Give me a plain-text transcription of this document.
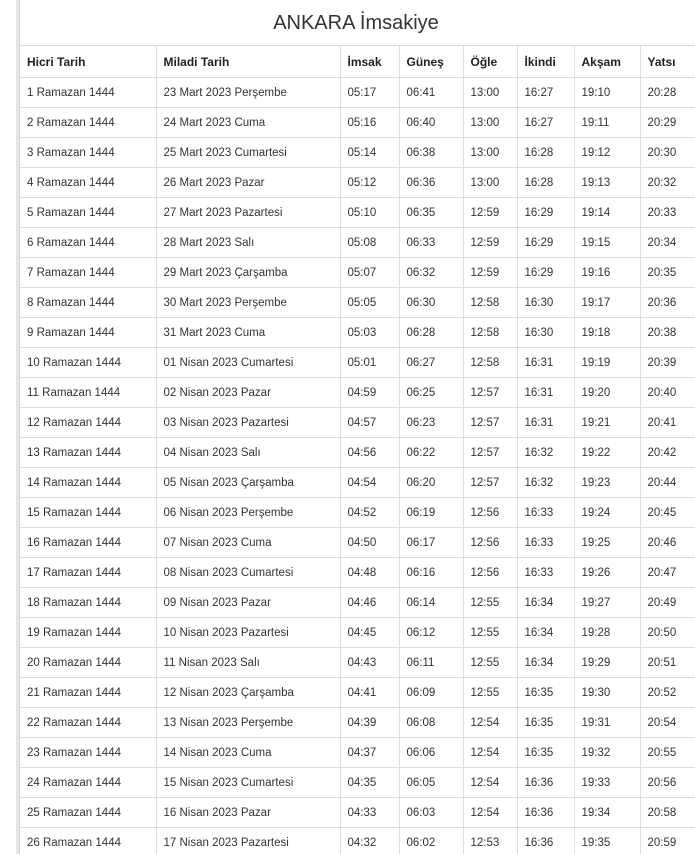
ANKARA İmsakiye
Hicri Tarih	Miladi Tarih	İmsak	Güneş	Öğle	İkindi	Akşam	Yatsı
1 Ramazan 1444	23 Mart 2023 Perşembe	05:17	06:41	13:00	16:27	19:10	20:28
2 Ramazan 1444	24 Mart 2023 Cuma	05:16	06:40	13:00	16:27	19:11	20:29
3 Ramazan 1444	25 Mart 2023 Cumartesi	05:14	06:38	13:00	16:28	19:12	20:30
4 Ramazan 1444	26 Mart 2023 Pazar	05:12	06:36	13:00	16:28	19:13	20:32
5 Ramazan 1444	27 Mart 2023 Pazartesi	05:10	06:35	12:59	16:29	19:14	20:33
6 Ramazan 1444	28 Mart 2023 Salı	05:08	06:33	12:59	16:29	19:15	20:34
7 Ramazan 1444	29 Mart 2023 Çarşamba	05:07	06:32	12:59	16:29	19:16	20:35
8 Ramazan 1444	30 Mart 2023 Perşembe	05:05	06:30	12:58	16:30	19:17	20:36
9 Ramazan 1444	31 Mart 2023 Cuma	05:03	06:28	12:58	16:30	19:18	20:38
10 Ramazan 1444	01 Nisan 2023 Cumartesi	05:01	06:27	12:58	16:31	19:19	20:39
11 Ramazan 1444	02 Nisan 2023 Pazar	04:59	06:25	12:57	16:31	19:20	20:40
12 Ramazan 1444	03 Nisan 2023 Pazartesi	04:57	06:23	12:57	16:31	19:21	20:41
13 Ramazan 1444	04 Nisan 2023 Salı	04:56	06:22	12:57	16:32	19:22	20:42
14 Ramazan 1444	05 Nisan 2023 Çarşamba	04:54	06:20	12:57	16:32	19:23	20:44
15 Ramazan 1444	06 Nisan 2023 Perşembe	04:52	06:19	12:56	16:33	19:24	20:45
16 Ramazan 1444	07 Nisan 2023 Cuma	04:50	06:17	12:56	16:33	19:25	20:46
17 Ramazan 1444	08 Nisan 2023 Cumartesi	04:48	06:16	12:56	16:33	19:26	20:47
18 Ramazan 1444	09 Nisan 2023 Pazar	04:46	06:14	12:55	16:34	19:27	20:49
19 Ramazan 1444	10 Nisan 2023 Pazartesi	04:45	06:12	12:55	16:34	19:28	20:50
20 Ramazan 1444	11 Nisan 2023 Salı	04:43	06:11	12:55	16:34	19:29	20:51
21 Ramazan 1444	12 Nisan 2023 Çarşamba	04:41	06:09	12:55	16:35	19:30	20:52
22 Ramazan 1444	13 Nisan 2023 Perşembe	04:39	06:08	12:54	16:35	19:31	20:54
23 Ramazan 1444	14 Nisan 2023 Cuma	04:37	06:06	12:54	16:35	19:32	20:55
24 Ramazan 1444	15 Nisan 2023 Cumartesi	04:35	06:05	12:54	16:36	19:33	20:56
25 Ramazan 1444	16 Nisan 2023 Pazar	04:33	06:03	12:54	16:36	19:34	20:58
26 Ramazan 1444	17 Nisan 2023 Pazartesi	04:32	06:02	12:53	16:36	19:35	20:59
